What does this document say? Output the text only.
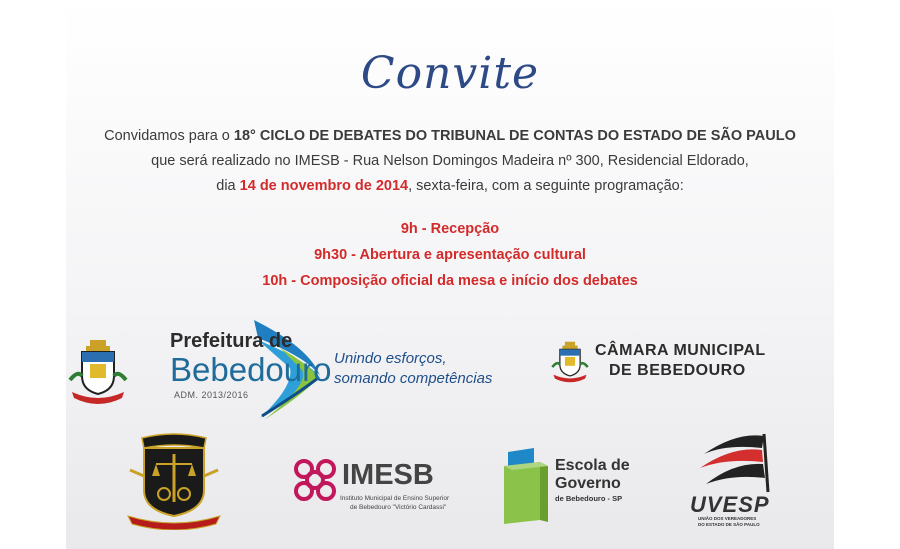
Convite
Convidamos para o 18° CICLO DE DEBATES DO TRIBUNAL DE CONTAS DO ESTADO DE SÃO PAULO
que será realizado no IMESB - Rua Nelson Domingos Madeira nº 300, Residencial Eldorado,
dia 14 de novembro de 2014, sexta-feira, com a seguinte programação:
9h - Recepção
9h30 - Abertura e apresentação cultural
10h - Composição oficial da mesa e início dos debates
Prefeitura de
Bebedouro
ADM. 2013/2016
Unindo esforços,
somando competências
CÂMARA MUNICIPAL
DE BEBEDOURO
IMESB
Instituto Municipal de Ensino Superior
de Bebedouro "Victório Cardassi"
Escola de
Governo
de Bebedouro - SP	UVESP
UNIÃO DOS VEREADORES
DO ESTADO DE SÃO PAULO
